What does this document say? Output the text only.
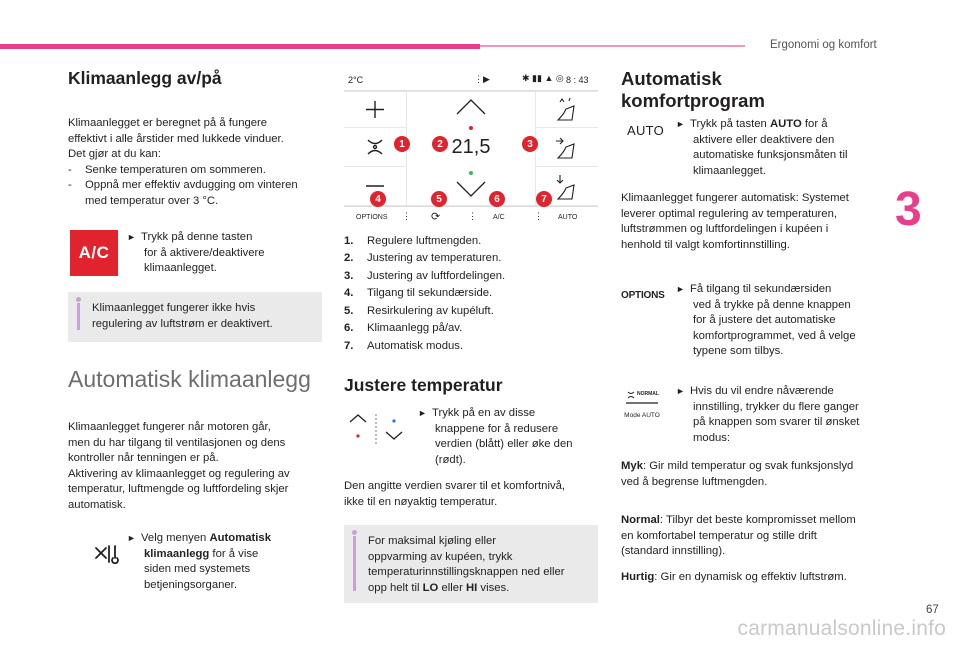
Ergonomi og komfort
3
Klimaanlegg av/på
Klimaanlegget er beregnet på å fungere
effektivt i alle årstider med lukkede vinduer.
Det gjør at du kan:
-	Senke temperaturen om sommeren.
-	Oppnå mer effektiv avdugging om vinteren
med temperatur over 3 °C.
A/C
► Trykk på denne tasten
for å aktivere/deaktivere
klimaanlegget.
Klimaanlegget fungerer ikke hvis
regulering av luftstrøm er deaktivert.
Automatisk klimaanlegg
Klimaanlegget fungerer når motoren går,
men du har tilgang til ventilasjonen og dens
kontroller når tenningen er på.
Aktivering av klimaanlegget og regulering av
temperatur, luftmengde og luftfordeling skjer
automatisk.
► Velg menyen Automatisk
klimaanlegg for å vise
siden med systemets
betjeningsorganer.
2°C	⋮▶	✱ ▮▮ ▲ ◎ 8 : 43
21,5
OPTIONS ⋮ ⟳	⋮ A/C	⋮ AUTO
1	2	3
4	5	6	7
1.	Regulere luftmengden.
2.	Justering av temperaturen.
3.	Justering av luftfordelingen.
4.	Tilgang til sekundærside.
5.	Resirkulering av kupéluft.
6.	Klimaanlegg på/av.
7.	Automatisk modus.
Justere temperatur
► Trykk på en av disse
knappene for å redusere
verdien (blått) eller øke den
(rødt).
Den angitte verdien svarer til et komfortnivå,
ikke til en nøyaktig temperatur.
For maksimal kjøling eller
oppvarming av kupéen, trykk
temperaturinnstillingsknappen ned eller
opp helt til LO eller HI vises.
Automatisk
komfortprogram
AUTO ► Trykk på tasten AUTO for å
aktivere eller deaktivere den
automatiske funksjonsmåten til
klimaanlegget.
Klimaanlegget fungerer automatisk: Systemet
leverer optimal regulering av temperaturen,
luftstrømmen og luftfordelingen i kupéen i
henhold til valgt komfortinnstilling.
OPTIONS
► Få tilgang til sekundærsiden
ved å trykke på denne knappen
for å justere det automatiske
komfortprogrammet, ved å velge
typene som tilbys.
NORMAL
Mode AUTO
► Hvis du vil endre nåværende
innstilling, trykker du flere ganger
på knappen som svarer til ønsket
modus:
Myk: Gir mild temperatur og svak funksjonslyd
ved å begrense luftmengden.
Normal: Tilbyr det beste kompromisset mellom
en komfortabel temperatur og stille drift
(standard innstilling).
Hurtig: Gir en dynamisk og effektiv luftstrøm.
67
carmanualsonline.info
